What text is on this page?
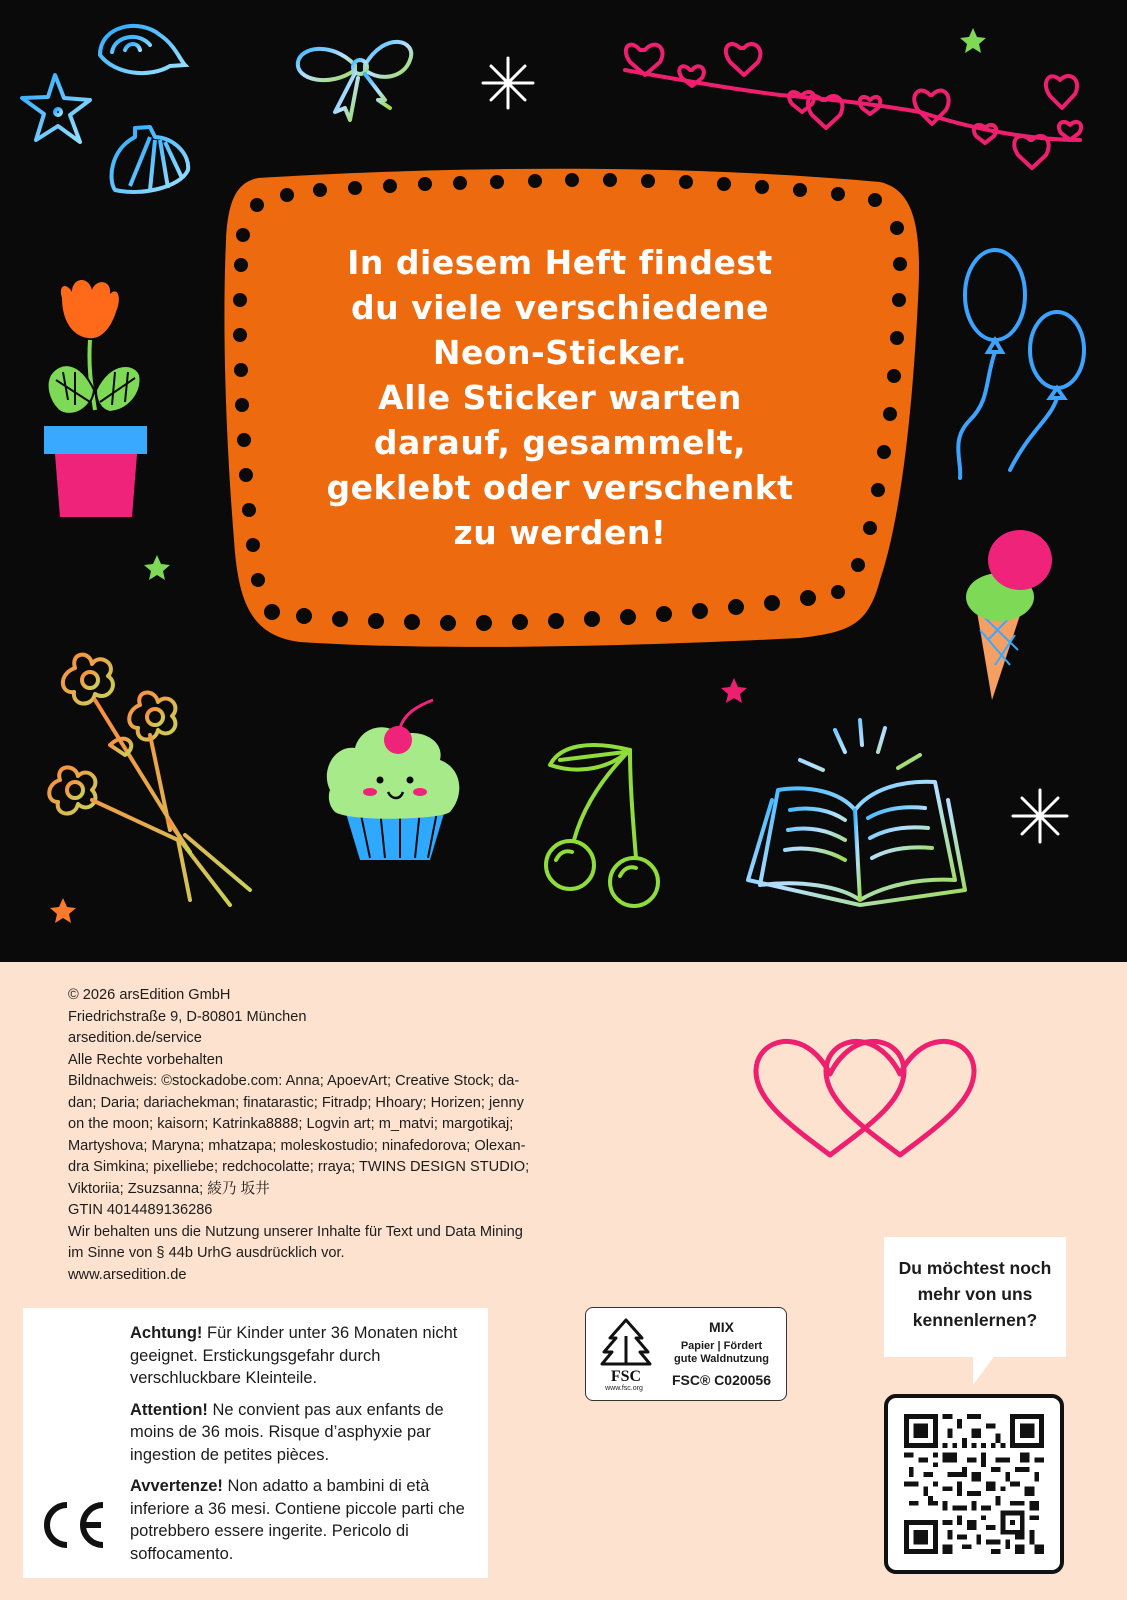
In diesem Heft findest
du viele verschiedene
Neon-Sticker.
Alle Sticker warten
darauf, gesammelt,
geklebt oder verschenkt
zu werden!
© 2026 arsEdition GmbH
Friedrichstraße 9, D-80801 München
arsedition.de/service
Alle Rechte vorbehalten
Bildnachweis: ©stockadobe.com: Anna; ApoevArt; Creative Stock; da-
dan; Daria; dariachekman; finatarastic; Fitradp; Hhoary; Horizen; jenny
on the moon; kaisorn; Katrinka8888; Logvin art; m_matvi; margotikaj;
Martyshova; Maryna; mhatzapa; moleskostudio; ninafedorova; Olexan-
dra Simkina; pixelliebe; redchocolatte; rraya; TWINS DESIGN STUDIO;
Viktoriia; Zsuzsanna; 綾乃 坂井
GTIN 4014489136286
Wir behalten uns die Nutzung unserer Inhalte für Text und Data Mining
im Sinne von § 44b UrhG ausdrücklich vor.
www.arsedition.de

Achtung! Für Kinder unter 36 Monaten nicht geeignet. Erstickungsgefahr durch verschluckbare Kleinteile.

Attention! Ne convient pas aux enfants de moins de 36 mois. Risque d’asphyxie par ingestion de petites pièces.

Avvertenze! Non adatto a bambini di età inferiore a 36 mesi. Contiene piccole parti che potrebbero essere ingerite. Pericolo di soffocamento.

FSC
www.fsc.org
MIX
Papier | Fördert
gute Waldnutzung
FSC® C020056
Du möchtest noch
mehr von uns
kennenlernen?
